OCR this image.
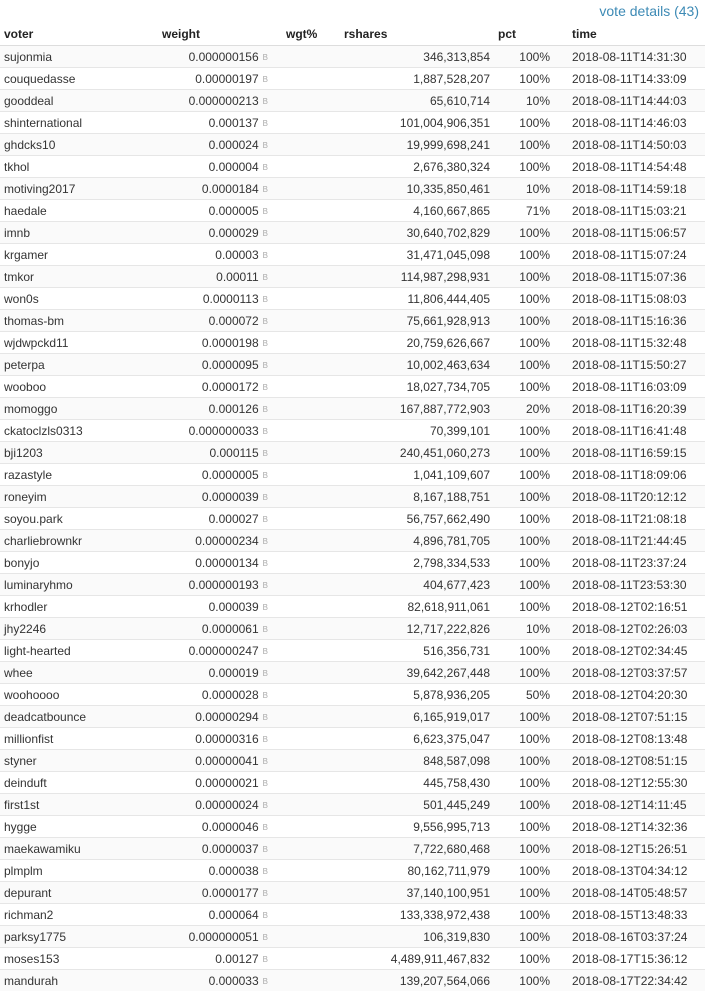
vote details (43)
voter	weight	wgt%	rshares	pct	time
sujonmia	0.000000156 B		346,313,854	100%	2018-08-11T14:31:30
couquedasse	0.00000197 B		1,887,528,207	100%	2018-08-11T14:33:09
gooddeal	0.000000213 B		65,610,714	10%	2018-08-11T14:44:03
shinternational	0.000137 B		101,004,906,351	100%	2018-08-11T14:46:03
ghdcks10	0.000024 B		19,999,698,241	100%	2018-08-11T14:50:03
tkhol	0.000004 B		2,676,380,324	100%	2018-08-11T14:54:48
motiving2017	0.0000184 B		10,335,850,461	10%	2018-08-11T14:59:18
haedale	0.000005 B		4,160,667,865	71%	2018-08-11T15:03:21
imnb	0.000029 B		30,640,702,829	100%	2018-08-11T15:06:57
krgamer	0.00003 B		31,471,045,098	100%	2018-08-11T15:07:24
tmkor	0.00011 B		114,987,298,931	100%	2018-08-11T15:07:36
won0s	0.0000113 B		11,806,444,405	100%	2018-08-11T15:08:03
thomas-bm	0.000072 B		75,661,928,913	100%	2018-08-11T15:16:36
wjdwpckd11	0.0000198 B		20,759,626,667	100%	2018-08-11T15:32:48
peterpa	0.0000095 B		10,002,463,634	100%	2018-08-11T15:50:27
wooboo	0.0000172 B		18,027,734,705	100%	2018-08-11T16:03:09
momoggo	0.000126 B		167,887,772,903	20%	2018-08-11T16:20:39
ckatoclzls0313	0.000000033 B		70,399,101	100%	2018-08-11T16:41:48
bji1203	0.000115 B		240,451,060,273	100%	2018-08-11T16:59:15
razastyle	0.0000005 B		1,041,109,607	100%	2018-08-11T18:09:06
roneyim	0.0000039 B		8,167,188,751	100%	2018-08-11T20:12:12
soyou.park	0.000027 B		56,757,662,490	100%	2018-08-11T21:08:18
charliebrownkr	0.00000234 B		4,896,781,705	100%	2018-08-11T21:44:45
bonyjo	0.00000134 B		2,798,334,533	100%	2018-08-11T23:37:24
luminaryhmo	0.000000193 B		404,677,423	100%	2018-08-11T23:53:30
krhodler	0.000039 B		82,618,911,061	100%	2018-08-12T02:16:51
jhy2246	0.0000061 B		12,717,222,826	10%	2018-08-12T02:26:03
light-hearted	0.000000247 B		516,356,731	100%	2018-08-12T02:34:45
whee	0.000019 B		39,642,267,448	100%	2018-08-12T03:37:57
woohoooo	0.0000028 B		5,878,936,205	50%	2018-08-12T04:20:30
deadcatbounce	0.00000294 B		6,165,919,017	100%	2018-08-12T07:51:15
millionfist	0.00000316 B		6,623,375,047	100%	2018-08-12T08:13:48
styner	0.00000041 B		848,587,098	100%	2018-08-12T08:51:15
deinduft	0.00000021 B		445,758,430	100%	2018-08-12T12:55:30
first1st	0.00000024 B		501,445,249	100%	2018-08-12T14:11:45
hygge	0.0000046 B		9,556,995,713	100%	2018-08-12T14:32:36
maekawamiku	0.0000037 B		7,722,680,468	100%	2018-08-12T15:26:51
plmplm	0.000038 B		80,162,711,979	100%	2018-08-13T04:34:12
depurant	0.0000177 B		37,140,100,951	100%	2018-08-14T05:48:57
richman2	0.000064 B		133,338,972,438	100%	2018-08-15T13:48:33
parksy1775	0.000000051 B		106,319,830	100%	2018-08-16T03:37:24
moses153	0.00127 B		4,489,911,467,832	100%	2018-08-17T15:36:12
mandurah	0.000033 B		139,207,564,066	100%	2018-08-17T22:34:42
